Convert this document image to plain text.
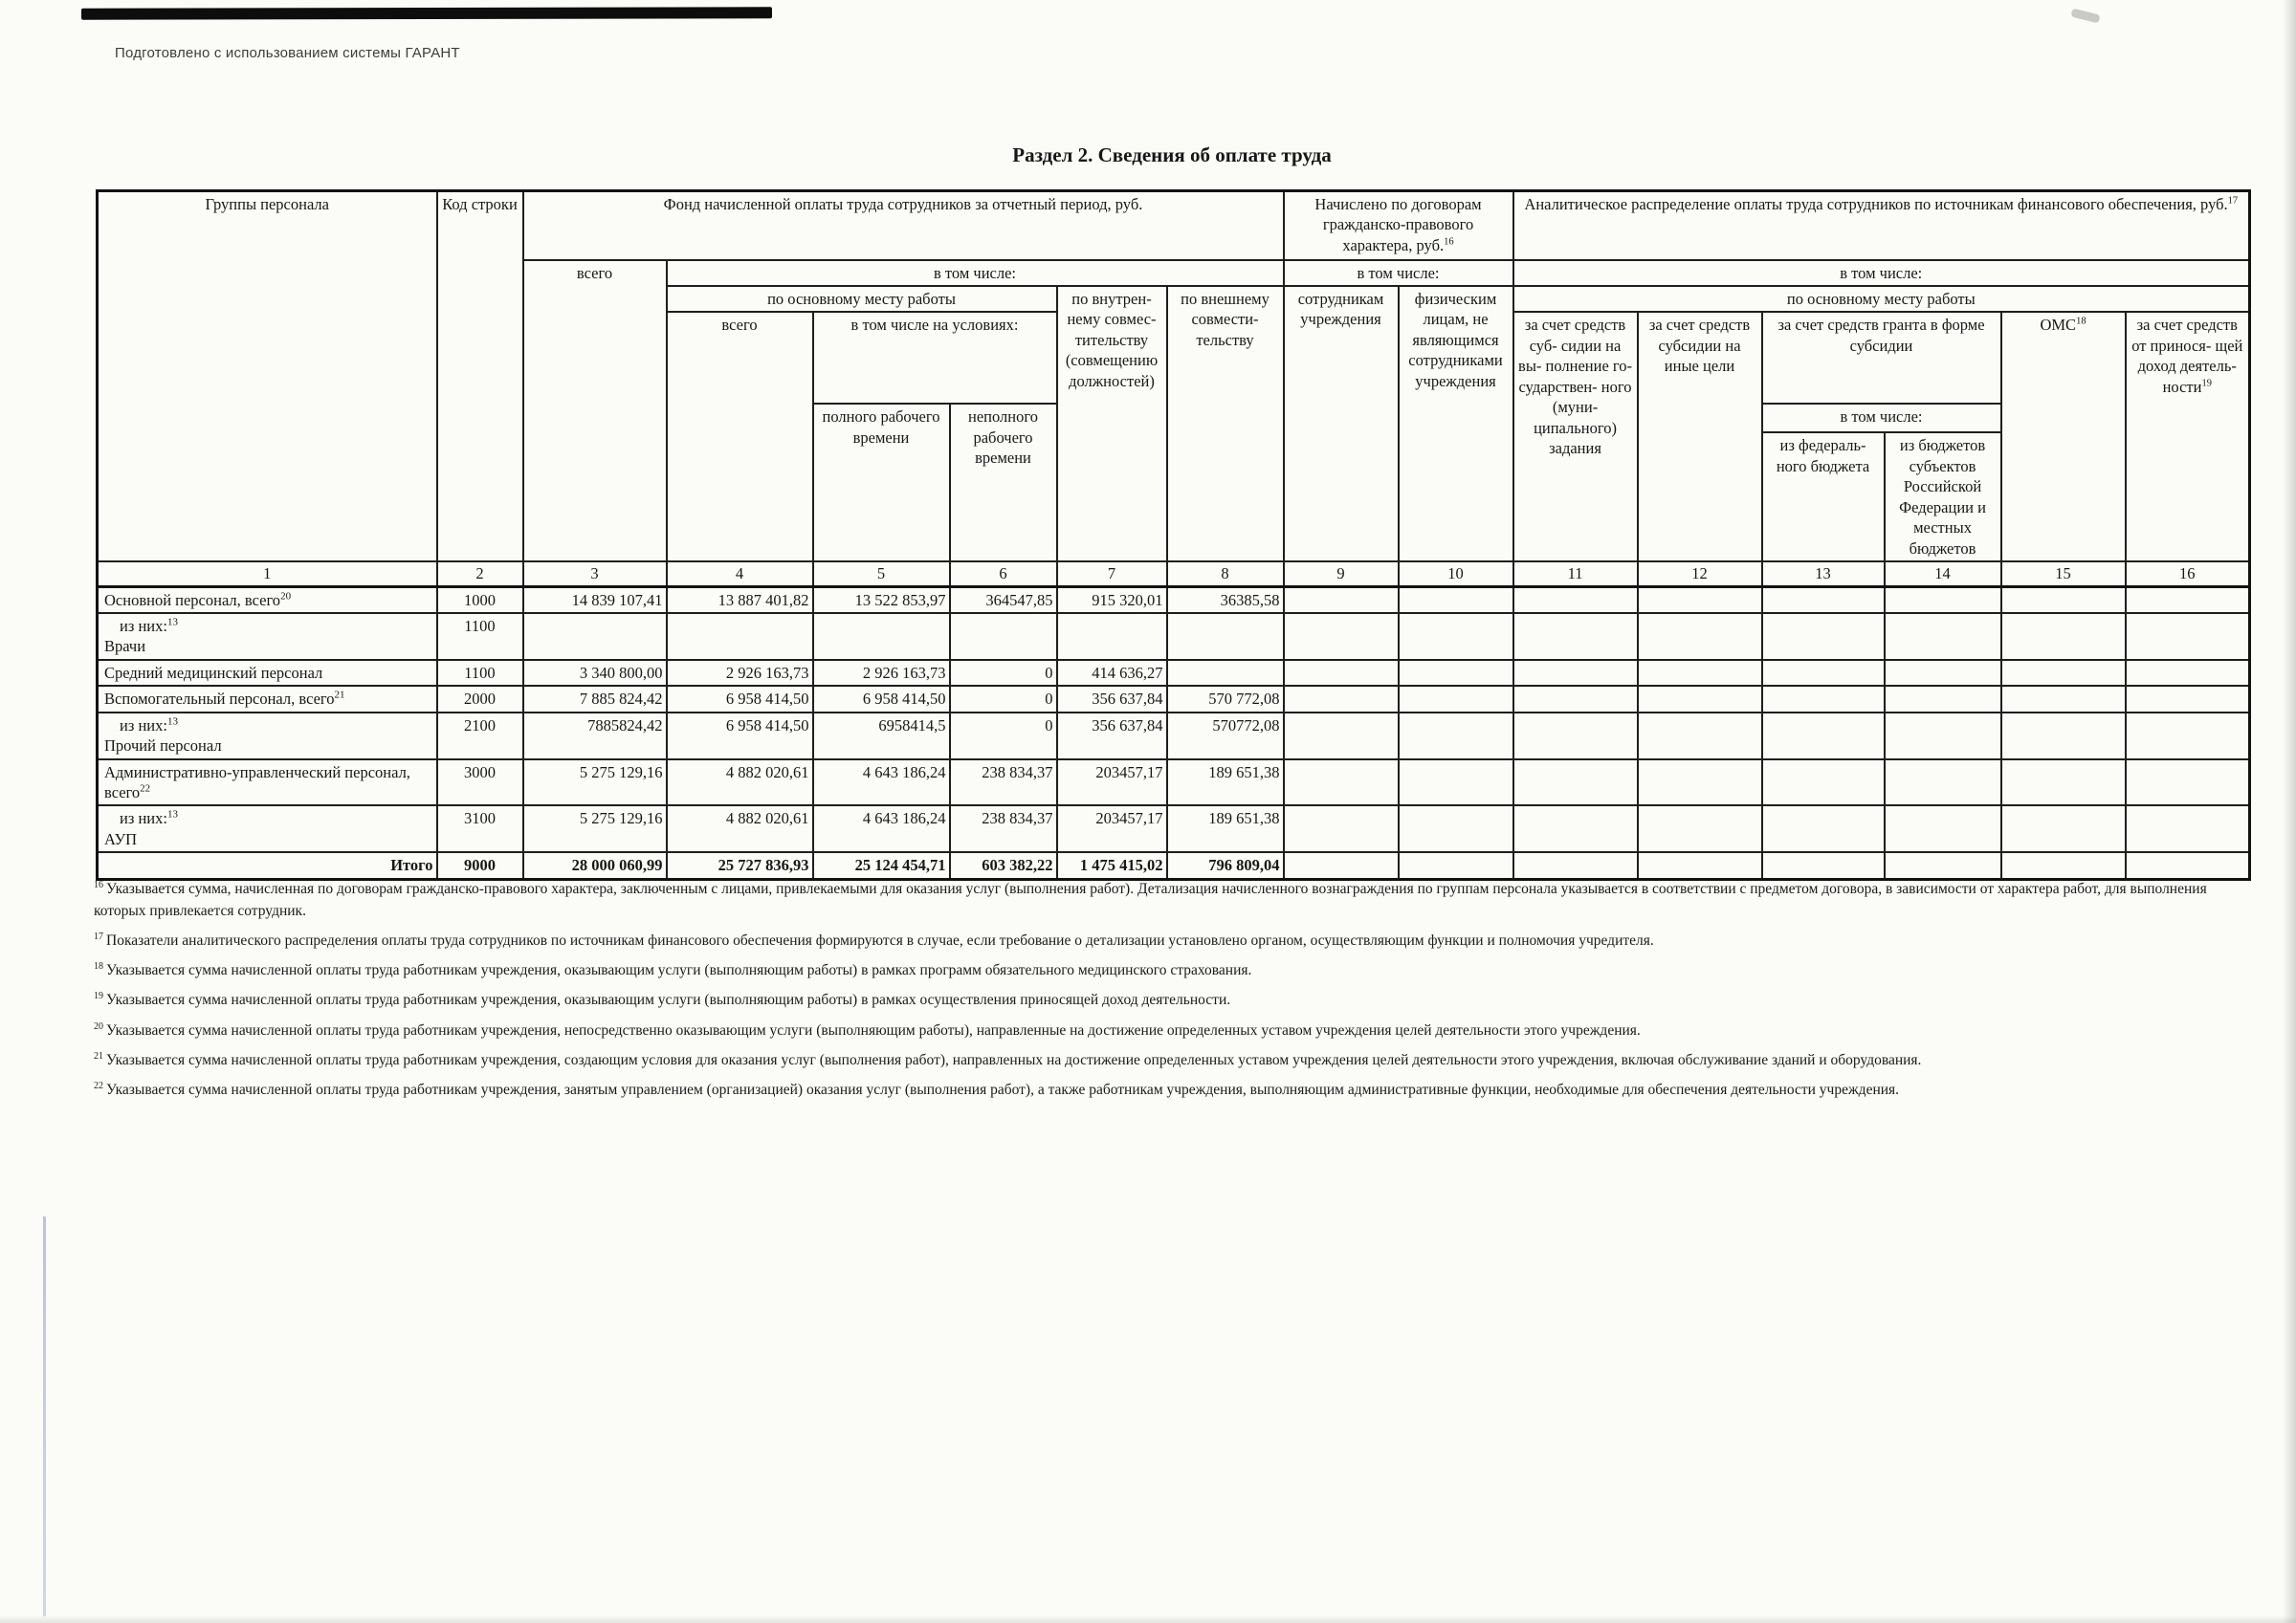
Подготовлено с использованием системы ГАРАНТ
Раздел 2. Сведения об оплате труда
Группы персонала	Код строки	Фонд начисленной оплаты труда сотрудников за отчетный период, руб.						Начислено по договорам гражданско-правового характера, руб.$^{16}$		Аналитическое распределение оплаты труда сотрудников по источникам финансового обеспечения, руб.$^{17}$
		всего	в том числе:					в том числе:		в том числе:					
			по основному месту работы			по внутрен- нему совмес- тительству (совмещению должностей)	по внешнему совмести- тельству	сотрудникам учреждения	физическим лицам, не являющимся сотрудниками учреждения	по основному месту работы					
			всего	в том числе на условиях:						за счет средств суб- сидии на вы- полнение го- сударствен- ного (муни- ципального) задания	за счет средств субсидии на иные цели	за счет средств гранта в форме субсидии		ОМС$^{18}$	за счет средств от принося- щей доход деятель- ности$^{19}$
				полного рабочего времени	неполного рабочего времени							в том числе:			
												из федераль- ного бюджета	из бюджетов субъектов Российской Федерации и местных бюджетов		
1	2	3	4	5	6	7	8	9	10	11	12	13	14	15	16

Основной персонал, всего$^{20}$	1000	14 839 107,41	13 887 401,82	13 522 853,97	364547,85	915 320,01	36385,58								

из них:$^{13}$
Врачи	1100														

Средний медицинский персонал	1100	3 340 800,00	2 926 163,73	2 926 163,73	0	414 636,27									

Вспомогательный персонал, всего$^{21}$	2000	7 885 824,42	6 958 414,50	6 958 414,50	0	356 637,84	570 772,08								

из них:$^{13}$
Прочий персонал	2100	7885824,42	6 958 414,50	6958414,5	0	356 637,84	570772,08								

Административно-управленческий персонал, всего$^{22}$	3000	5 275 129,16	4 882 020,61	4 643 186,24	238 834,37	203457,17	189 651,38								

из них:$^{13}$
АУП	3100	5 275 129,16	4 882 020,61	4 643 186,24	238 834,37	203457,17	189 651,38								

Итого	9000	28 000 060,99	25 727 836,93	25 124 454,71	603 382,22	1 475 415,02	796 809,04								
$^{16}$ Указывается сумма, начисленная по договорам гражданско-правового характера, заключенным с лицами, привлекаемыми для оказания услуг (выполнения работ). Детализация начисленного вознаграждения по группам персонала указывается в соответствии с предметом договора, в зависимости от характера работ, для выполнения которых привлекается сотрудник.
$^{17}$ Показатели аналитического распределения оплаты труда сотрудников по источникам финансового обеспечения формируются в случае, если требование о детализации установлено органом, осуществляющим функции и полномочия учредителя.
$^{18}$ Указывается сумма начисленной оплаты труда работникам учреждения, оказывающим услуги (выполняющим работы) в рамках программ обязательного медицинского страхования.
$^{19}$ Указывается сумма начисленной оплаты труда работникам учреждения, оказывающим услуги (выполняющим работы) в рамках осуществления приносящей доход деятельности.
$^{20}$ Указывается сумма начисленной оплаты труда работникам учреждения, непосредственно оказывающим услуги (выполняющим работы), направленные на достижение определенных уставом учреждения целей деятельности этого учреждения.
$^{21}$ Указывается сумма начисленной оплаты труда работникам учреждения, создающим условия для оказания услуг (выполнения работ), направленных на достижение определенных уставом учреждения целей деятельности этого учреждения, включая обслуживание зданий и оборудования.
$^{22}$ Указывается сумма начисленной оплаты труда работникам учреждения, занятым управлением (организацией) оказания услуг (выполнения работ), а также работникам учреждения, выполняющим административные функции, необходимые для обеспечения деятельности учреждения.
